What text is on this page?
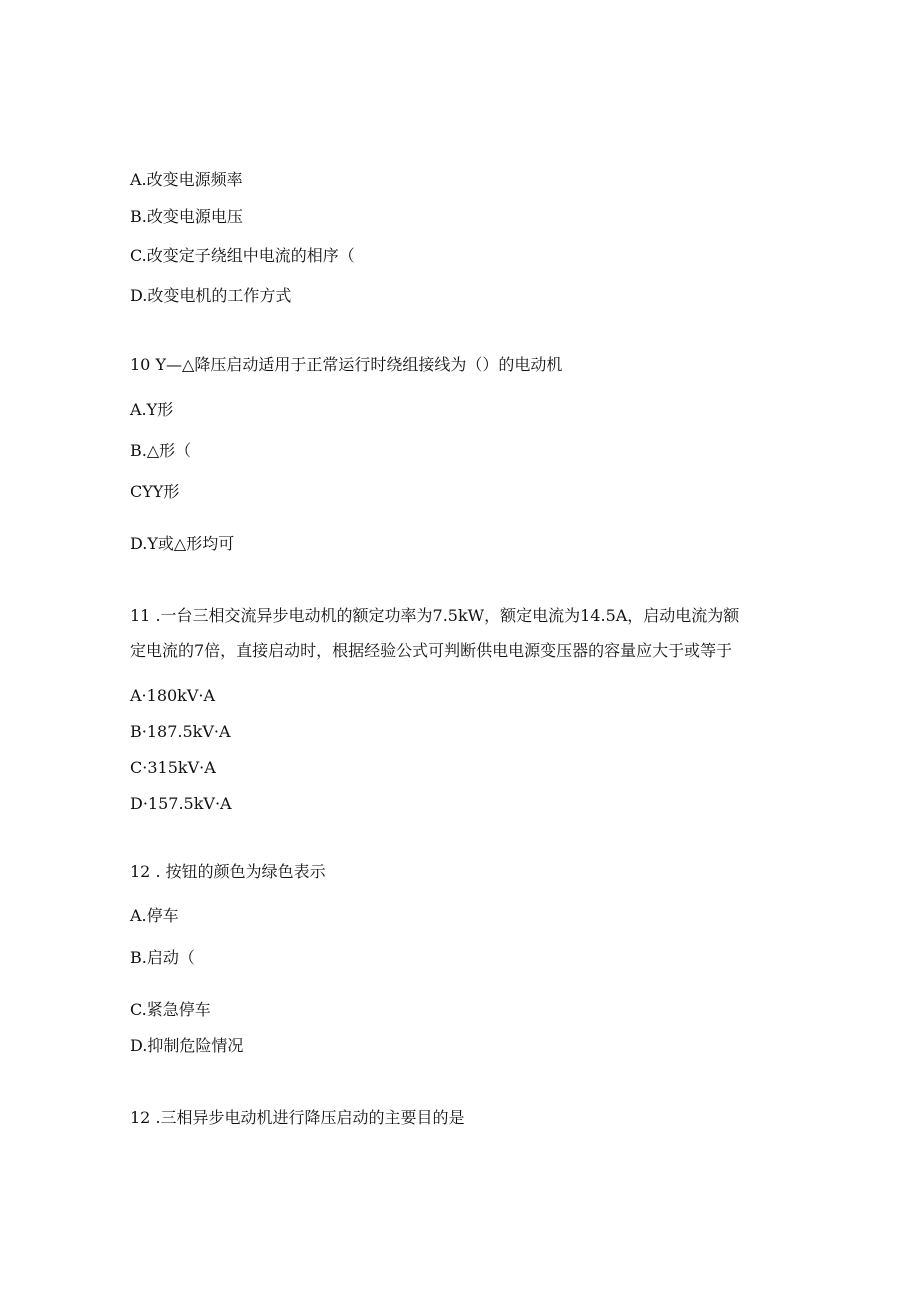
A.改变电源频率
B.改变电源电压
C.改变定子绕组中电流的相序（
D.改变电机的工作方式
10 Y—△降压启动适用于正常运行时绕组接线为（）的电动机
A.Y形
B.△形（
CYY形
D.Y或△形均可
11 .一台三相交流异步电动机的额定功率为7.5kW，额定电流为14.5A，启动电流为额
定电流的7倍，直接启动时，根据经验公式可判断供电电源变压器的容量应大于或等于
A·180kV·A
B·187.5kV·A
C·315kV·A
D·157.5kV·A
12 . 按钮的颜色为绿色表示
A.停车
B.启动（
C.紧急停车
D.抑制危险情况
12 .三相异步电动机进行降压启动的主要目的是
